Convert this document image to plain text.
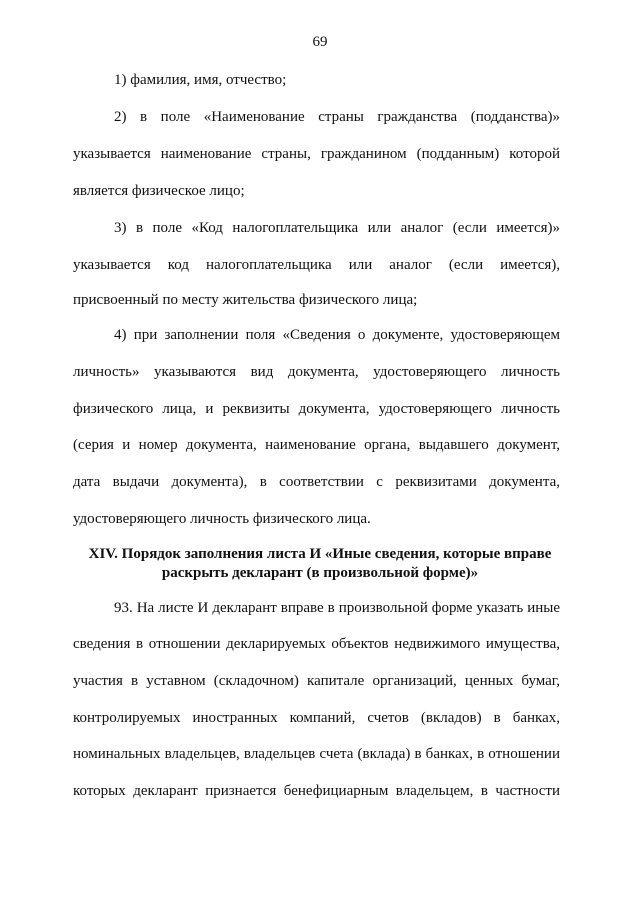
69
1) фамилия, имя, отчество;
2) в поле «Наименование страны гражданства (подданства)»
указывается наименование страны, гражданином (подданным) которой
является физическое лицо;
3) в поле «Код налогоплательщика или аналог (если имеется)»
указывается код налогоплательщика или аналог (если имеется),
присвоенный по месту жительства физического лица;
4) при заполнении поля «Сведения о документе, удостоверяющем
личность» указываются вид документа, удостоверяющего личность
физического лица, и реквизиты документа, удостоверяющего личность
(серия и номер документа, наименование органа, выдавшего документ,
дата выдачи документа), в соответствии с реквизитами документа,
удостоверяющего личность физического лица.
XIV. Порядок заполнения листа И «Иные сведения, которые вправе
раскрыть декларант (в произвольной форме)»
93. На листе И декларант вправе в произвольной форме указать иные
сведения в отношении декларируемых объектов недвижимого имущества,
участия в уставном (складочном) капитале организаций, ценных бумаг,
контролируемых иностранных компаний, счетов (вкладов) в банках,
номинальных владельцев, владельцев счета (вклада) в банках, в отношении
которых декларант признается бенефициарным владельцем, в частности
